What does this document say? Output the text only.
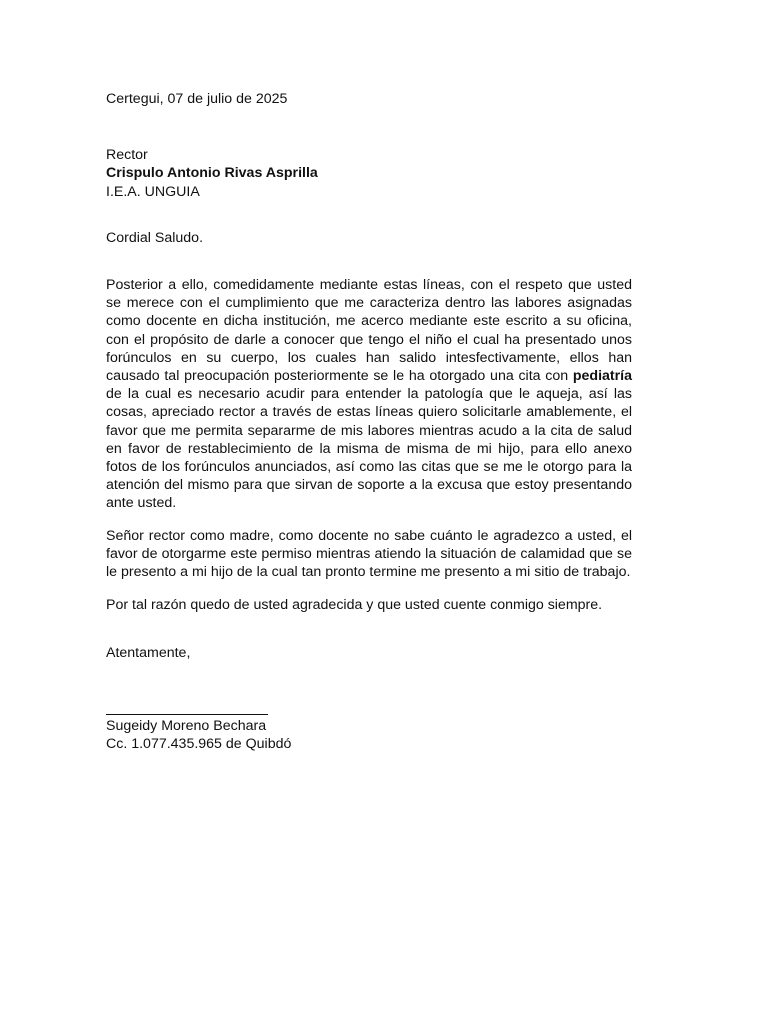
Certegui, 07 de julio de 2025

Rector
Crispulo Antonio Rivas Asprilla
I.E.A. UNGUIA

Cordial Saludo.

Posterior a ello, comedidamente mediante estas líneas, con el respeto que usted se merece con el cumplimiento que me caracteriza dentro las labores asignadas como docente en dicha institución, me acerco mediante este escrito a su oficina, con el propósito de darle a conocer que tengo el niño el cual ha presentado unos forúnculos en su cuerpo, los cuales han salido intesfectivamente, ellos han causado tal preocupación posteriormente se le ha otorgado una cita con pediatría de la cual es necesario acudir para entender la patología que le aqueja, así las cosas, apreciado rector a través de estas líneas quiero solicitarle amablemente, el favor que me permita separarme de mis labores mientras acudo a la cita de salud en favor de restablecimiento de la misma de misma de mi hijo, para ello anexo fotos de los forúnculos anunciados, así como las citas que se me le otorgo para la atención del mismo para que sirvan de soporte a la excusa que estoy presentando ante usted.

Señor rector como madre, como docente no sabe cuánto le agradezco a usted, el favor de otorgarme este permiso mientras atiendo la situación de calamidad que se le presento a mi hijo de la cual tan pronto termine me presento a mi sitio de trabajo.

Por tal razón quedo de usted agradecida y que usted cuente conmigo siempre.

Atentamente,

Sugeidy Moreno Bechara
Cc. 1.077.435.965 de Quibdó
